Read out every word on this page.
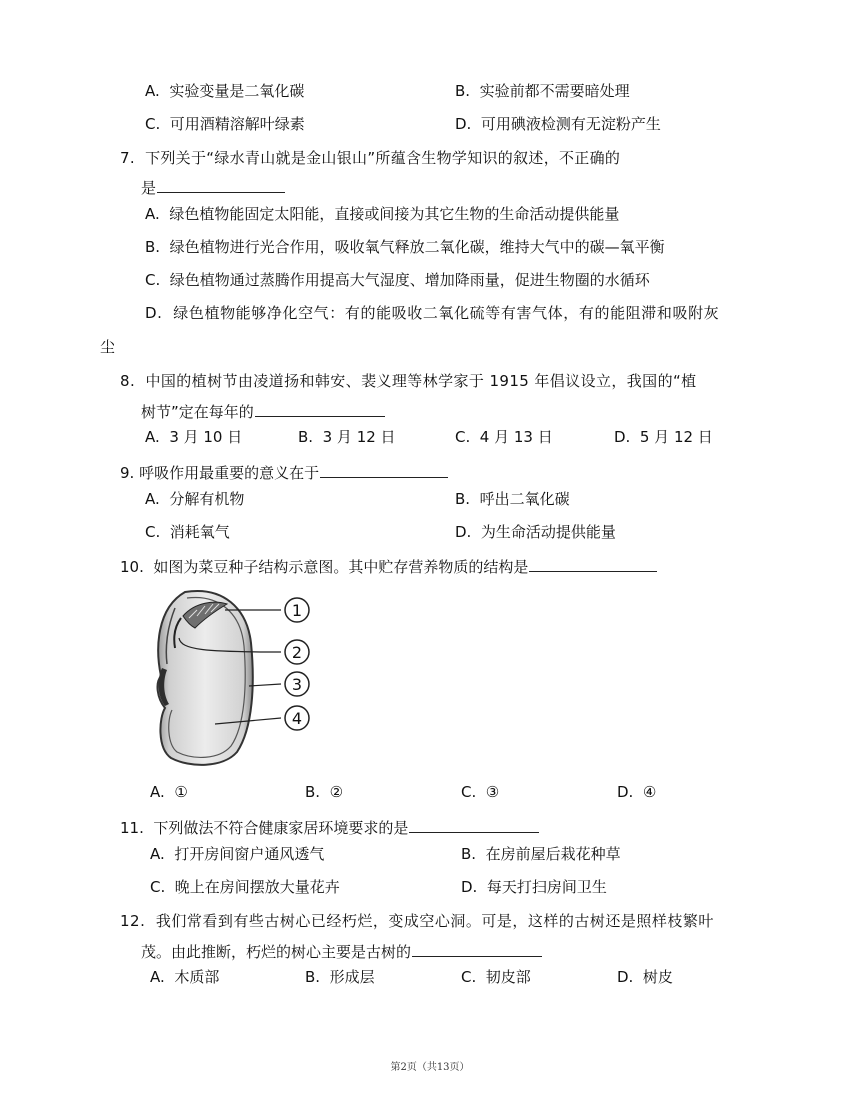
A. 实验变量是二氧化碳	B. 实验前都不需要暗处理
C. 可用酒精溶解叶绿素	D. 可用碘液检测有无淀粉产生
7. 下列关于“绿水青山就是金山银山”所蕴含生物学知识的叙述，不正确的
是
A. 绿色植物能固定太阳能，直接或间接为其它生物的生命活动提供能量
B. 绿色植物进行光合作用，吸收氧气释放二氧化碳，维持大气中的碳—氧平衡
C. 绿色植物通过蒸腾作用提高大气湿度、增加降雨量，促进生物圈的水循环
D. 绿色植物能够净化空气：有的能吸收二氧化硫等有害气体，有的能阻滞和吸附灰
尘
8. 中国的植树节由凌道扬和韩安、裴义理等林学家于 1915 年倡议设立，我国的“植
树节”定在每年的
A. 3 月 10 日	B. 3 月 12 日	C. 4 月 13 日	D. 5 月 12 日
9. 呼吸作用最重要的意义在于
A. 分解有机物	B. 呼出二氧化碳
C. 消耗氧气	D. 为生命活动提供能量
10. 如图为菜豆种子结构示意图。其中贮存营养物质的结构是
1
2
3
4
A. ①	B. ②	C. ③	D. ④
11. 下列做法不符合健康家居环境要求的是
A. 打开房间窗户通风透气	B. 在房前屋后栽花种草
C. 晚上在房间摆放大量花卉	D. 每天打扫房间卫生
12. 我们常看到有些古树心已经朽烂，变成空心洞。可是，这样的古树还是照样枝繁叶
茂。由此推断，朽烂的树心主要是古树的
A. 木质部	B. 形成层	C. 韧皮部	D. 树皮
第2页（共13页）
